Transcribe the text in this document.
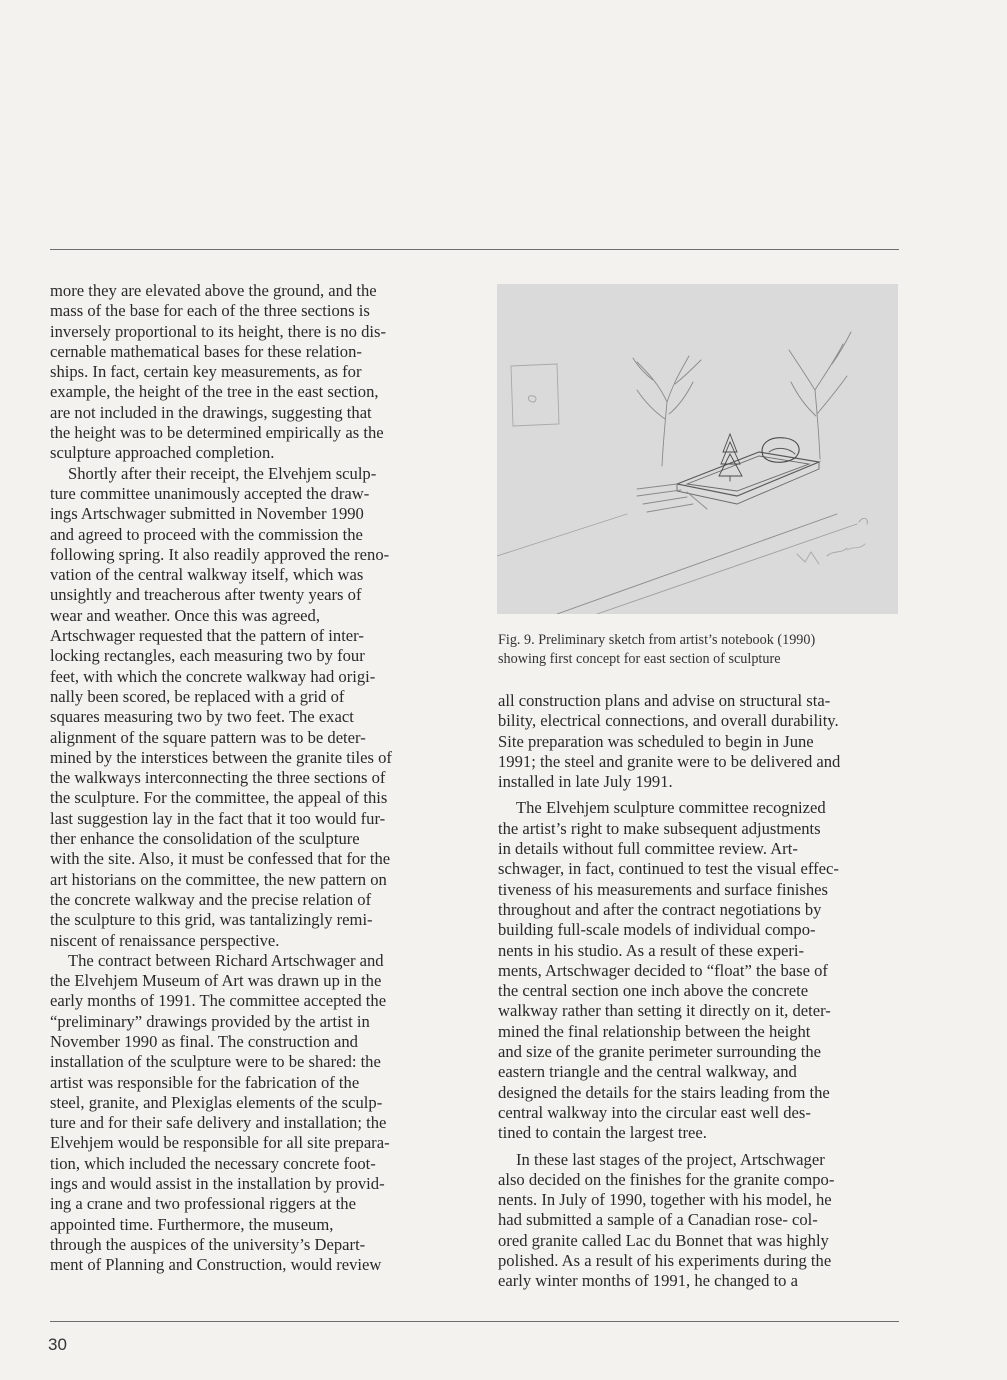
more they are elevated above the ground, and the

mass of the base for each of the three sections is

inversely proportional to its height, there is no dis-

cernable mathematical bases for these relation-

ships. In fact, certain key measurements, as for

example, the height of the tree in the east section,

are not included in the drawings, suggesting that

the height was to be determined empirically as the

sculpture approached completion.

Shortly after their receipt, the Elvehjem sculp-

ture committee unanimously accepted the draw-

ings Artschwager submitted in November 1990

and agreed to proceed with the commission the

following spring. It also readily approved the reno-

vation of the central walkway itself, which was

unsightly and treacherous after twenty years of

wear and weather. Once this was agreed,

Artschwager requested that the pattern of inter-

locking rectangles, each measuring two by four

feet, with which the concrete walkway had origi-

nally been scored, be replaced with a grid of

squares measuring two by two feet. The exact

alignment of the square pattern was to be deter-

mined by the interstices between the granite tiles of

the walkways interconnecting the three sections of

the sculpture. For the committee, the appeal of this

last suggestion lay in the fact that it too would fur-

ther enhance the consolidation of the sculpture

with the site. Also, it must be confessed that for the

art historians on the committee, the new pattern on

the concrete walkway and the precise relation of

the sculpture to this grid, was tantalizingly remi-

niscent of renaissance perspective.

The contract between Richard Artschwager and

the Elvehjem Museum of Art was drawn up in the

early months of 1991. The committee accepted the

“preliminary” drawings provided by the artist in

November 1990 as final. The construction and

installation of the sculpture were to be shared: the

artist was responsible for the fabrication of the

steel, granite, and Plexiglas elements of the sculp-

ture and for their safe delivery and installation; the

Elvehjem would be responsible for all site prepara-

tion, which included the necessary concrete foot-

ings and would assist in the installation by provid-

ing a crane and two professional riggers at the

appointed time. Furthermore, the museum,

through the auspices of the university’s Depart-

ment of Planning and Construction, would review

Fig. 9. Preliminary sketch from artist’s notebook (1990)

showing first concept for east section of sculpture

all construction plans and advise on structural sta-

bility, electrical connections, and overall durability.

Site preparation was scheduled to begin in June

1991; the steel and granite were to be delivered and

installed in late July 1991.

The Elvehjem sculpture committee recognized

the artist’s right to make subsequent adjustments

in details without full committee review. Art-

schwager, in fact, continued to test the visual effec-

tiveness of his measurements and surface finishes

throughout and after the contract negotiations by

building full-scale models of individual compo-

nents in his studio. As a result of these experi-

ments, Artschwager decided to “float” the base of

the central section one inch above the concrete

walkway rather than setting it directly on it, deter-

mined the final relationship between the height

and size of the granite perimeter surrounding the

eastern triangle and the central walkway, and

designed the details for the stairs leading from the

central walkway into the circular east well des-

tined to contain the largest tree.

In these last stages of the project, Artschwager

also decided on the finishes for the granite compo-

nents. In July of 1990, together with his model, he

had submitted a sample of a Canadian rose- col-

ored granite called Lac du Bonnet that was highly

polished. As a result of his experiments during the

early winter months of 1991, he changed to a

30
